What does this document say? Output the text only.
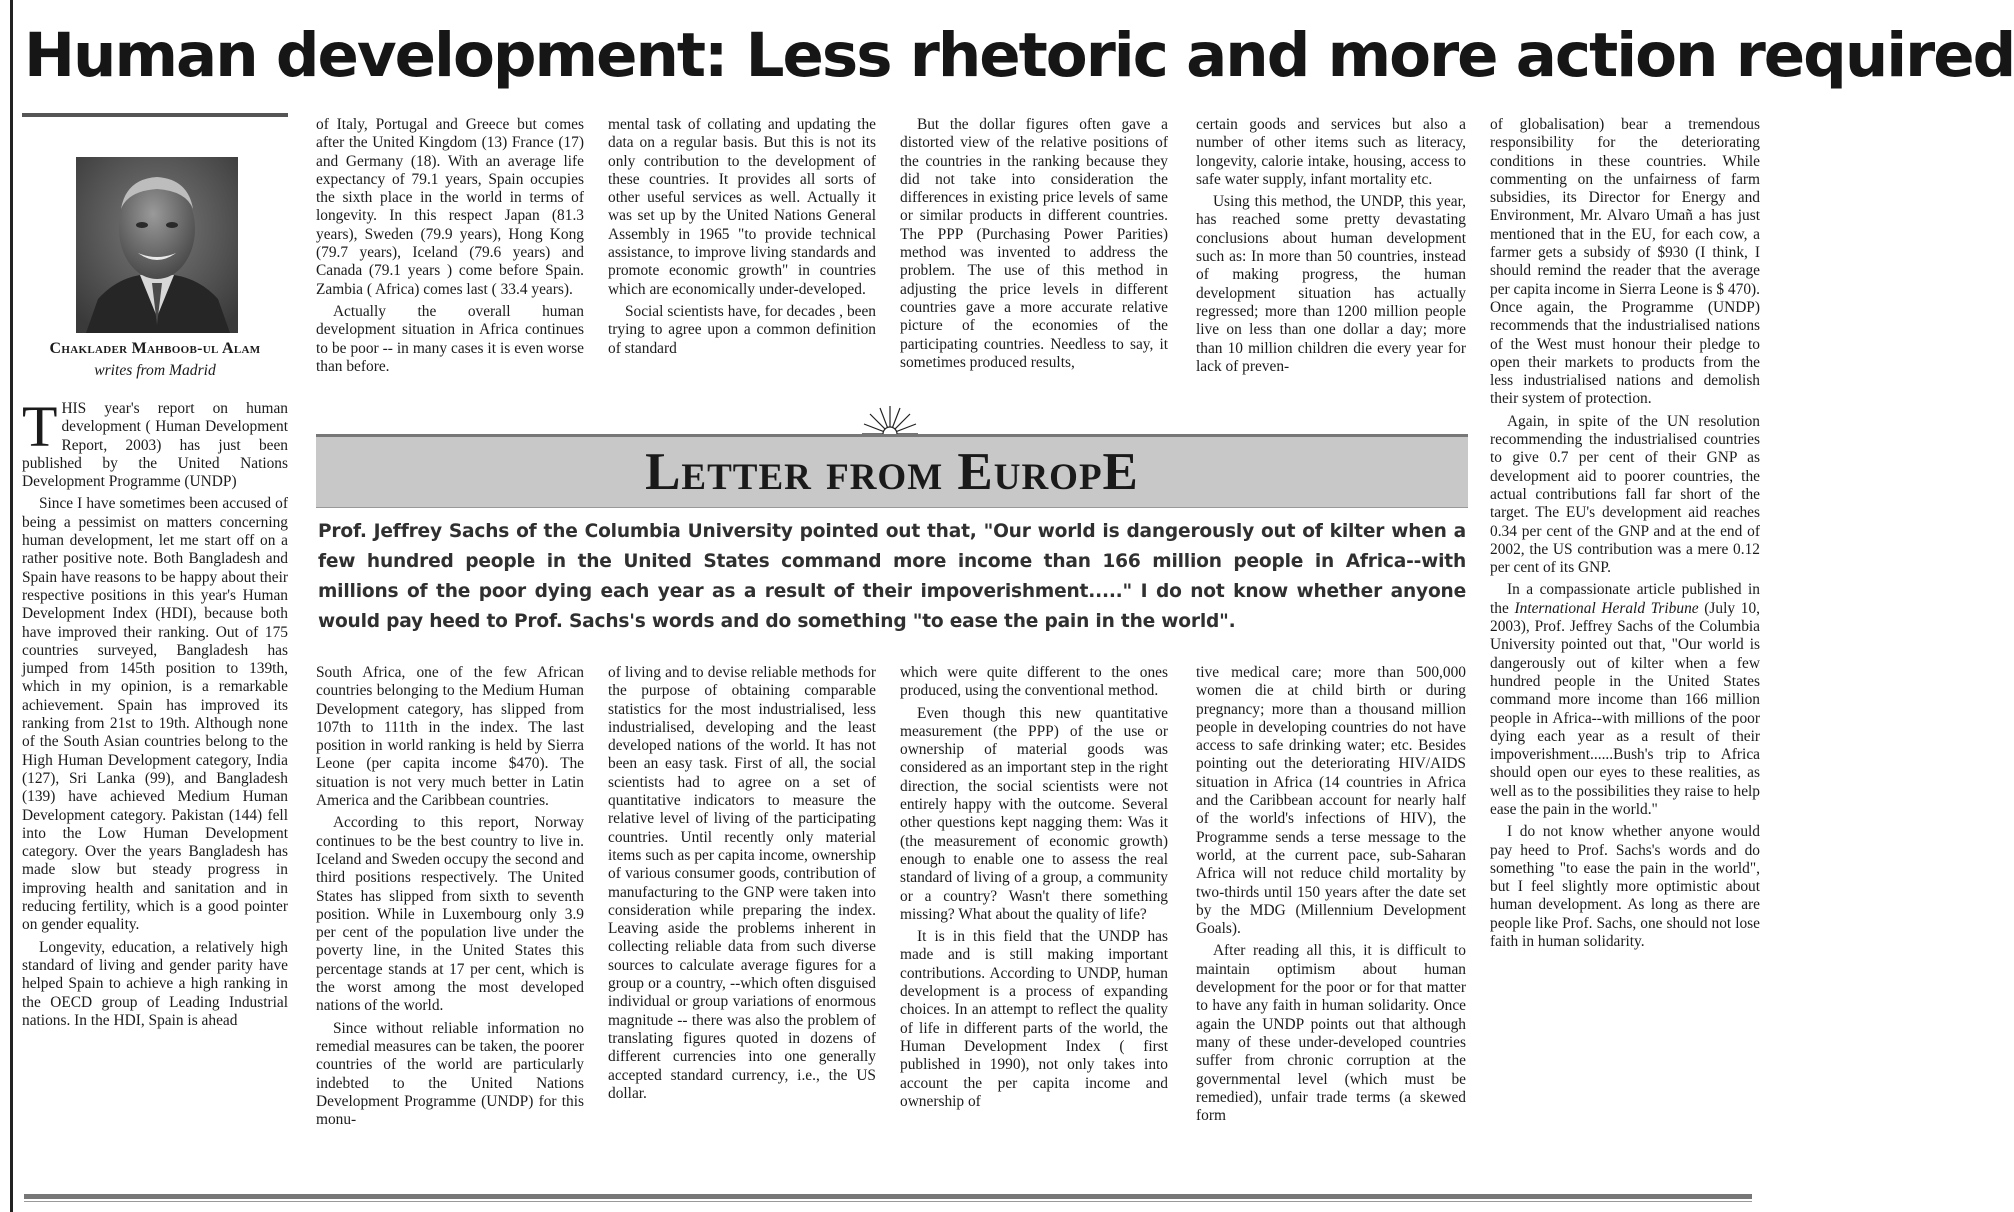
Human development: Less rhetoric and more action required

Chaklader Mahboob-ul Alam

writes from Madrid

THIS year's report on human development ( Human Development Report, 2003) has just been published by the United Nations Development Programme (UNDP)

Since I have sometimes been accused of being a pessimist on matters concerning human development, let me start off on a rather positive note. Both Bangladesh and Spain have reasons to be happy about their respective positions in this year's Human Development Index (HDI), because both have improved their ranking. Out of 175 countries surveyed, Bangladesh has jumped from 145th position to 139th, which in my opinion, is a remarkable achievement. Spain has improved its ranking from 21st to 19th. Although none of the South Asian countries belong to the High Human Development category, India (127), Sri Lanka (99), and Bangladesh (139) have achieved Medium Human Development category. Pakistan (144) fell into the Low Human Development category. Over the years Bangladesh has made slow but steady progress in improving health and sanitation and in reducing fertility, which is a good pointer on gender equality.

Longevity, education, a relatively high standard of living and gender parity have helped Spain to achieve a high ranking in the OECD group of Leading Industrial nations. In the HDI, Spain is ahead

of Italy, Portugal and Greece but comes after the United Kingdom (13) France (17) and Germany (18). With an average life expectancy of 79.1 years, Spain occupies the sixth place in the world in terms of longevity. In this respect Japan (81.3 years), Sweden (79.9 years), Hong Kong (79.7 years), Iceland (79.6 years) and Canada (79.1 years ) come before Spain. Zambia ( Africa) comes last ( 33.4 years).

Actually the overall human development situation in Africa continues to be poor -- in many cases it is even worse than before.

mental task of collating and updating the data on a regular basis. But this is not its only contribution to the development of these countries. It provides all sorts of other useful services as well. Actually it was set up by the United Nations General Assembly in 1965 "to provide technical assistance, to improve living standards and promote economic growth" in countries which are economically under-developed.

Social scientists have, for decades , been trying to agree upon a common definition of standard

But the dollar figures often gave a distorted view of the relative positions of the countries in the ranking because they did not take into consideration the differences in existing price levels of same or similar products in different countries. The PPP (Purchasing Power Parities) method was invented to address the problem. The use of this method in adjusting the price levels in different countries gave a more accurate relative picture of the economies of the participating countries. Needless to say, it sometimes produced results,

certain goods and services but also a number of other items such as literacy, longevity, calorie intake, housing, access to safe water supply, infant mortality etc.

Using this method, the UNDP, this year, has reached some pretty devastating conclusions about human development such as: In more than 50 countries, instead of making progress, the human development situation has actually regressed; more than 1200 million people live on less than one dollar a day; more than 10 million children die every year for lack of preven-

Letter from EuropE

Prof. Jeffrey Sachs of the Columbia University pointed out that, "Our world is dangerously out of kilter when a few hundred people in the United States command more income than 166 million people in Africa--with millions of the poor dying each year as a result of their impoverishment....." I do not know whether anyone would pay heed to Prof. Sachs's words and do something "to ease the pain in the world".

South Africa, one of the few African countries belonging to the Medium Human Development category, has slipped from 107th to 111th in the index. The last position in world ranking is held by Sierra Leone (per capita income $470). The situation is not very much better in Latin America and the Caribbean countries.

According to this report, Norway continues to be the best country to live in. Iceland and Sweden occupy the second and third positions respectively. The United States has slipped from sixth to seventh position. While in Luxembourg only 3.9 per cent of the population live under the poverty line, in the United States this percentage stands at 17 per cent, which is the worst among the most developed nations of the world.

Since without reliable information no remedial measures can be taken, the poorer countries of the world are particularly indebted to the United Nations Development Programme (UNDP) for this monu-

of living and to devise reliable methods for the purpose of obtaining comparable statistics for the most industrialised, less industrialised, developing and the least developed nations of the world. It has not been an easy task. First of all, the social scientists had to agree on a set of quantitative indicators to measure the relative level of living of the participating countries. Until recently only material items such as per capita income, ownership of various consumer goods, contribution of manufacturing to the GNP were taken into consideration while preparing the index. Leaving aside the problems inherent in collecting reliable data from such diverse sources to calculate average figures for a group or a country, --which often disguised individual or group variations of enormous magnitude -- there was also the problem of translating figures quoted in dozens of different currencies into one generally accepted standard currency, i.e., the US dollar.

which were quite different to the ones produced, using the conventional method.

Even though this new quantitative measurement (the PPP) of the use or ownership of material goods was considered as an important step in the right direction, the social scientists were not entirely happy with the outcome. Several other questions kept nagging them: Was it (the measurement of economic growth) enough to enable one to assess the real standard of living of a group, a community or a country? Wasn't there something missing? What about the quality of life?

It is in this field that the UNDP has made and is still making important contributions. According to UNDP, human development is a process of expanding choices. In an attempt to reflect the quality of life in different parts of the world, the Human Development Index ( first published in 1990), not only takes into account the per capita income and ownership of

tive medical care; more than 500,000 women die at child birth or during pregnancy; more than a thousand million people in developing countries do not have access to safe drinking water; etc. Besides pointing out the deteriorating HIV/AIDS situation in Africa (14 countries in Africa and the Caribbean account for nearly half of the world's infections of HIV), the Programme sends a terse message to the world, at the current pace, sub-Saharan Africa will not reduce child mortality by two-thirds until 150 years after the date set by the MDG (Millennium Development Goals).

After reading all this, it is difficult to maintain optimism about human development for the poor or for that matter to have any faith in human solidarity. Once again the UNDP points out that although many of these under-developed countries suffer from chronic corruption at the governmental level (which must be remedied), unfair trade terms (a skewed form

of globalisation) bear a tremendous responsibility for the deteriorating conditions in these countries. While commenting on the unfairness of farm subsidies, its Director for Energy and Environment, Mr. Alvaro Umañ a has just mentioned that in the EU, for each cow, a farmer gets a subsidy of $930 (I think, I should remind the reader that the average per capita income in Sierra Leone is $ 470). Once again, the Programme (UNDP) recommends that the industrialised nations of the West must honour their pledge to open their markets to products from the less industrialised nations and demolish their system of protection.

Again, in spite of the UN resolution recommending the industrialised countries to give 0.7 per cent of their GNP as development aid to poorer countries, the actual contributions fall far short of the target. The EU's development aid reaches 0.34 per cent of the GNP and at the end of 2002, the US contribution was a mere 0.12 per cent of its GNP.

In a compassionate article published in the International Herald Tribune (July 10, 2003), Prof. Jeffrey Sachs of the Columbia University pointed out that, "Our world is dangerously out of kilter when a few hundred people in the United States command more income than 166 million people in Africa--with millions of the poor dying each year as a result of their impoverishment......Bush's trip to Africa should open our eyes to these realities, as well as to the possibilities they raise to help ease the pain in the world."

I do not know whether anyone would pay heed to Prof. Sachs's words and do something "to ease the pain in the world", but I feel slightly more optimistic about human development. As long as there are people like Prof. Sachs, one should not lose faith in human solidarity.
